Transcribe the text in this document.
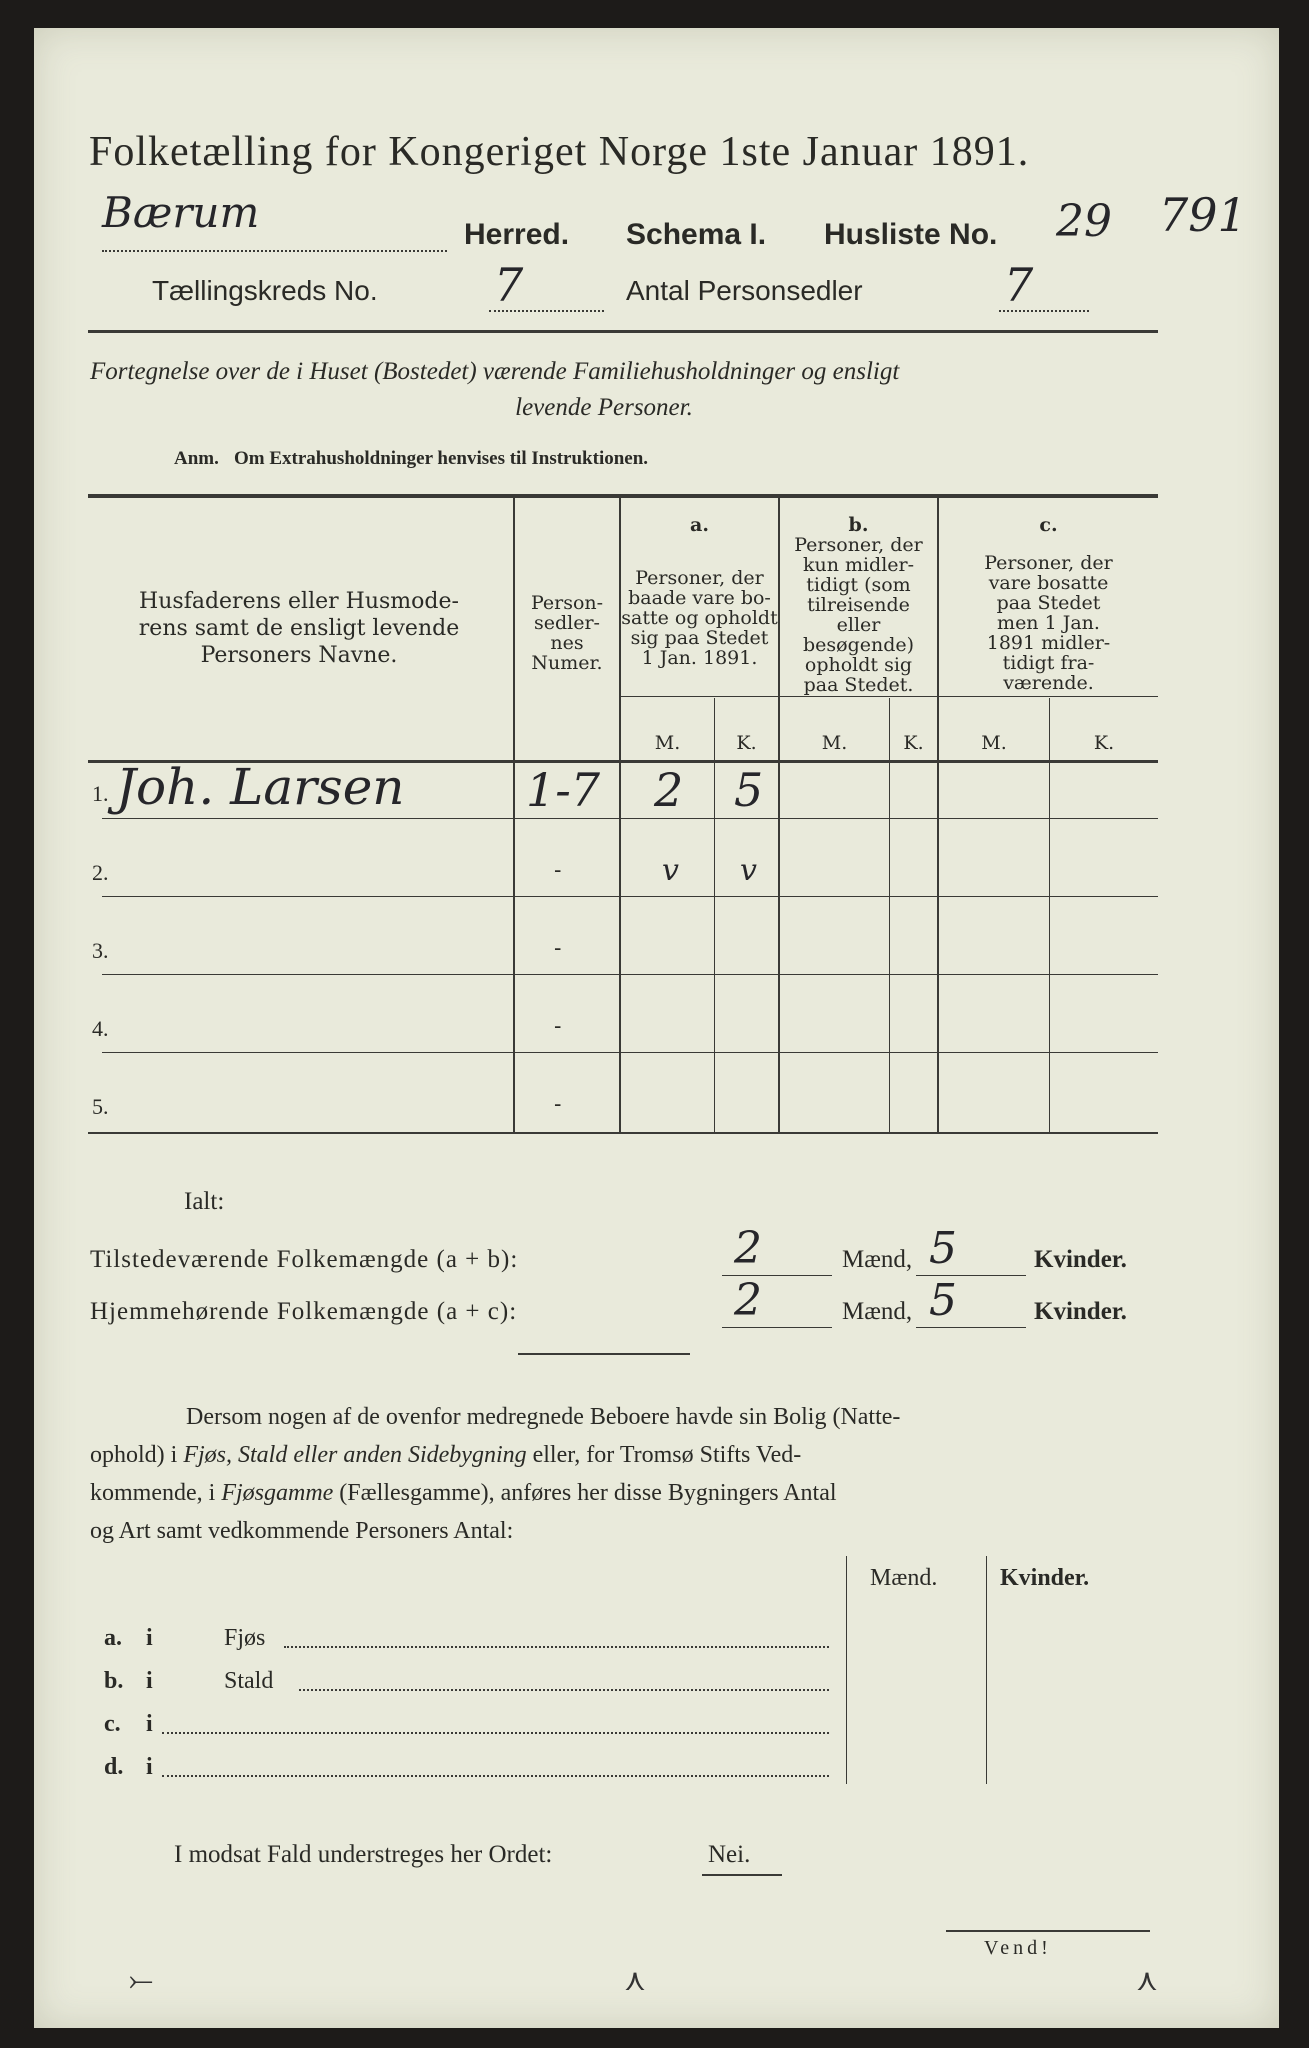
Folketælling for Kongeriget Norge 1ste Januar 1891.
Bærum	Herred. Schema I. Husliste No. 29 791
Tællingskreds No.	7	Antal Personsedler	7
Fortegnelse over de i Huset (Bostedet) værende Familiehusholdninger og ensligt
levende Personer.
Anm. Om Extrahusholdninger henvises til Instruktionen.
Husfaderens eller Husmode-
rens samt de ensligt levende
Personers Navne.
Person-
sedler-
nes
Numer.
a.
Personer, der
baade vare bo-
satte og opholdt
sig paa Stedet
1 Jan. 1891.
b.
Personer, der
kun midler-
tidigt (som
tilreisende
eller
besøgende)
opholdt sig
paa Stedet.
c.
Personer, der
vare bosatte
paa Stedet
men 1 Jan.
1891 midler-
tidigt fra-
værende.
M.	K.	M.	K.	M.	K.
1. Joh. Larsen	1-7 2 5
2.	-	v v
3.	-
4.	-
5.	-
Ialt:
Tilstedeværende Folkemængde (a + b):	2	Mænd, 5	Kvinder.
Hjemmehørende Folkemængde (a + c):	2	Mænd, 5	Kvinder.
Dersom nogen af de ovenfor medregnede Beboere havde sin Bolig (Natte-
ophold) i Fjøs, Stald eller anden Sidebygning eller, for Tromsø Stifts Ved-
kommende, i Fjøsgamme (Fællesgamme), anføres her disse Bygningers Antal
og Art samt vedkommende Personers Antal:
Mænd.	Kvinder.
a. i	Fjøs
b. i	Stald
c. i
d. i
I modsat Fald understreges her Ordet:	Nei.
Vend!
⤚	⋏	⋏
